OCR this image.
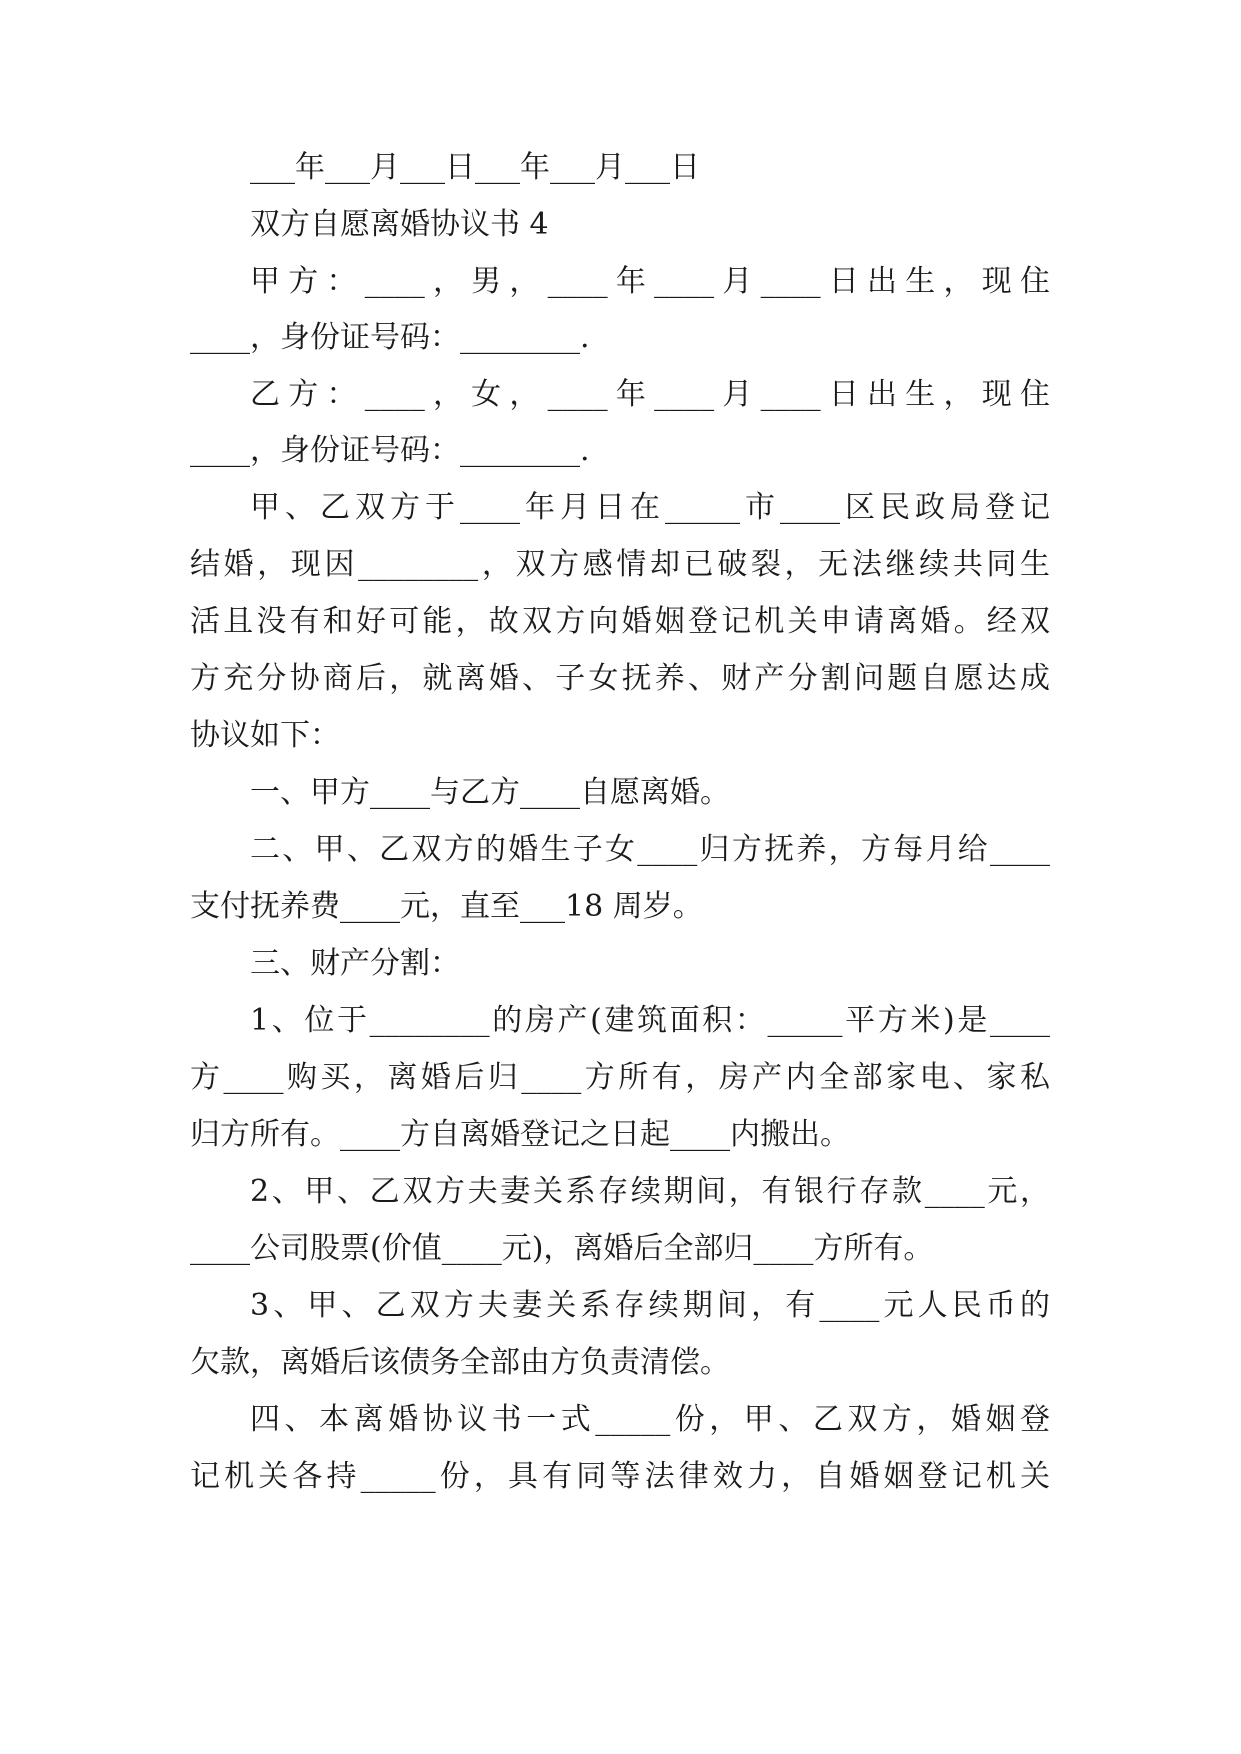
___年___月___日___年___月___日
双方自愿离婚协议书 4
甲方：____，男，____年____月____日出生，现住
____，身份证号码：________.
乙方：____，女，____年____月____日出生，现住
____，身份证号码：________.
甲、乙双方于____年月日在_____市____区民政局登记
结婚，现因________，双方感情却已破裂，无法继续共同生
活且没有和好可能，故双方向婚姻登记机关申请离婚。经双
方充分协商后，就离婚、子女抚养、财产分割问题自愿达成
协议如下：
一、甲方____与乙方____自愿离婚。
二、甲、乙双方的婚生子女____归方抚养，方每月给____
支付抚养费____元，直至___18 周岁。
三、财产分割：
1、位于________的房产(建筑面积：_____平方米)是____
方____购买，离婚后归____方所有，房产内全部家电、家私
归方所有。____方自离婚登记之日起____内搬出。
2、甲、乙双方夫妻关系存续期间，有银行存款____元，
____公司股票(价值____元)，离婚后全部归____方所有。
3、甲、乙双方夫妻关系存续期间，有____元人民币的
欠款，离婚后该债务全部由方负责清偿。
四、本离婚协议书一式_____份，甲、乙双方，婚姻登
记机关各持_____份，具有同等法律效力，自婚姻登记机关
